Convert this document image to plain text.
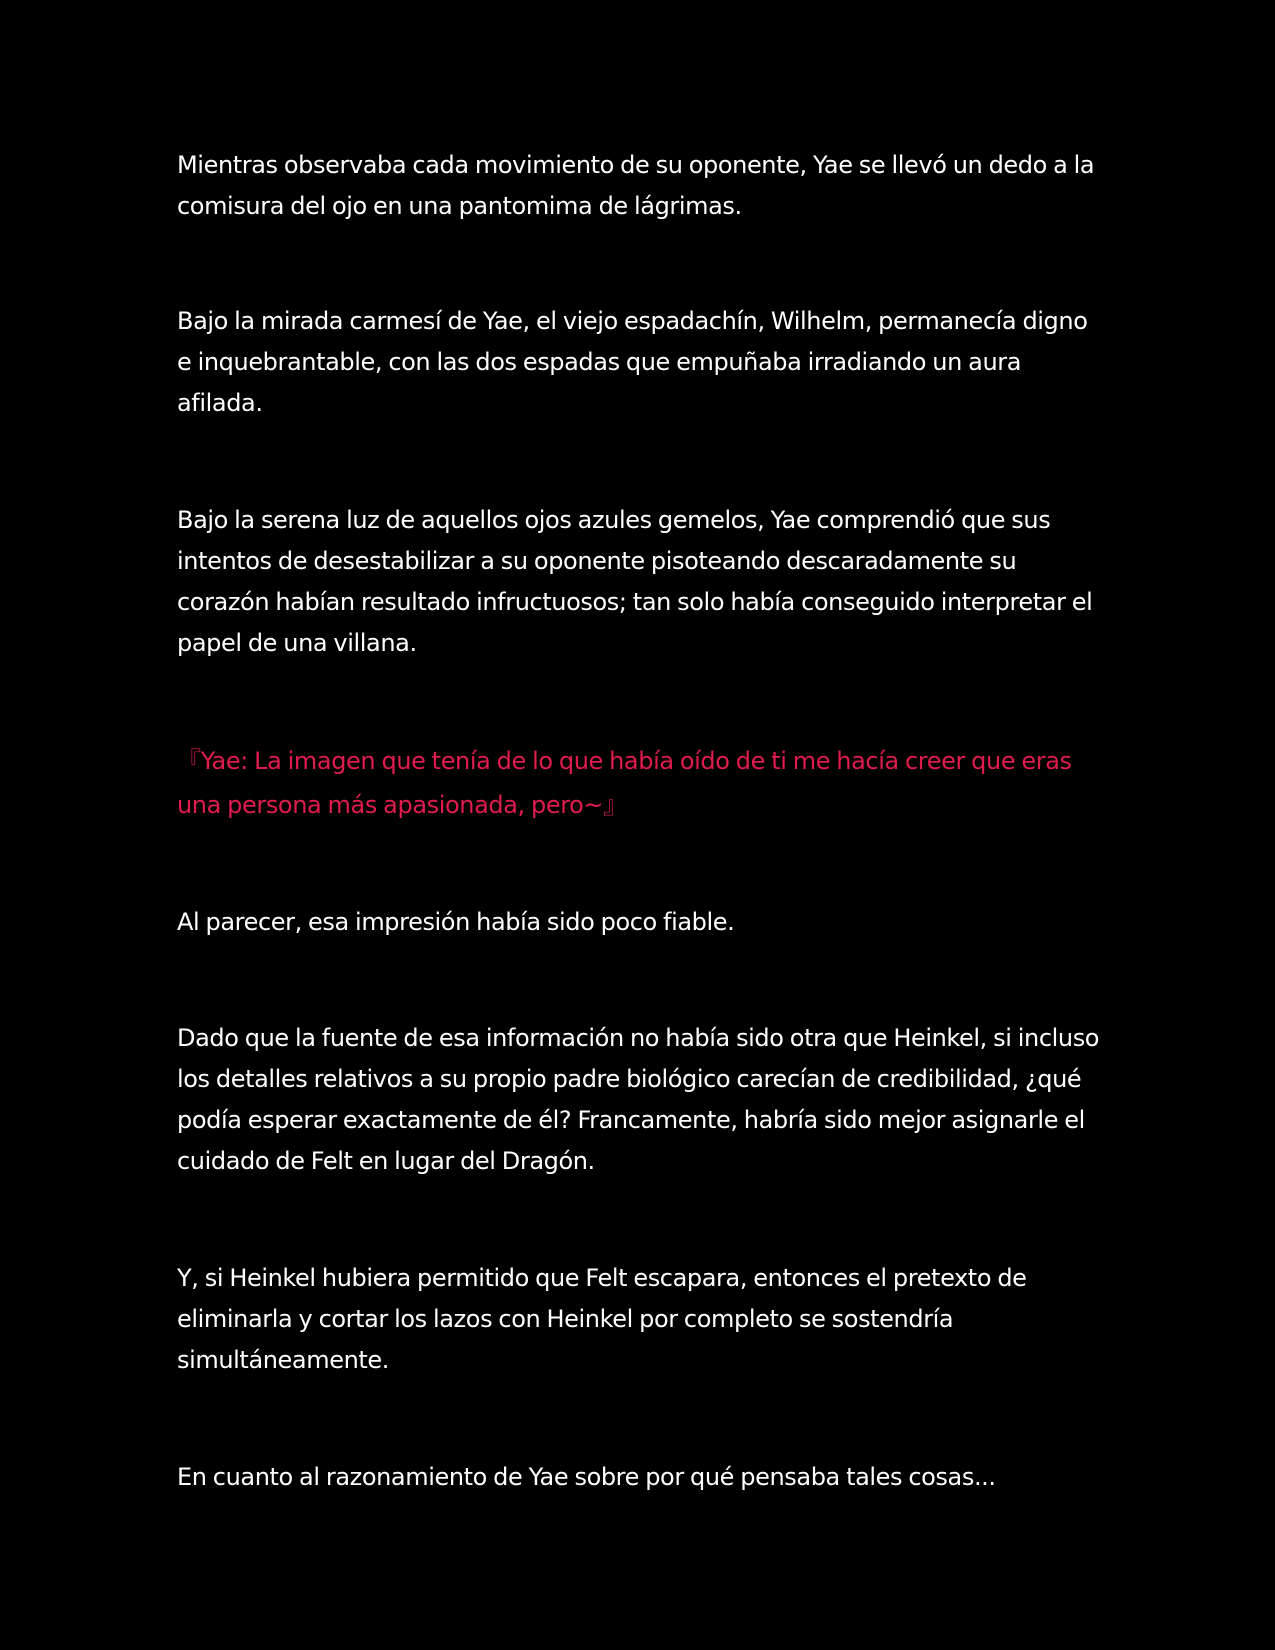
Mientras observaba cada movimiento de su oponente, Yae se llevó un dedo a la comisura del ojo en una pantomima de lágrimas.

Bajo la mirada carmesí de Yae, el viejo espadachín, Wilhelm, permanecía digno e inquebrantable, con las dos espadas que empuñaba irradiando un aura afilada.

Bajo la serena luz de aquellos ojos azules gemelos, Yae comprendió que sus intentos de desestabilizar a su oponente pisoteando descaradamente su corazón habían resultado infructuosos; tan solo había conseguido interpretar el papel de una villana.

『Yae: La imagen que tenía de lo que había oído de ti me hacía creer que eras una persona más apasionada, pero~』

Al parecer, esa impresión había sido poco fiable.

Dado que la fuente de esa información no había sido otra que Heinkel, si incluso los detalles relativos a su propio padre biológico carecían de credibilidad, ¿qué podía esperar exactamente de él? Francamente, habría sido mejor asignarle el cuidado de Felt en lugar del Dragón.

Y, si Heinkel hubiera permitido que Felt escapara, entonces el pretexto de eliminarla y cortar los lazos con Heinkel por completo se sostendría simultáneamente.

En cuanto al razonamiento de Yae sobre por qué pensaba tales cosas...
